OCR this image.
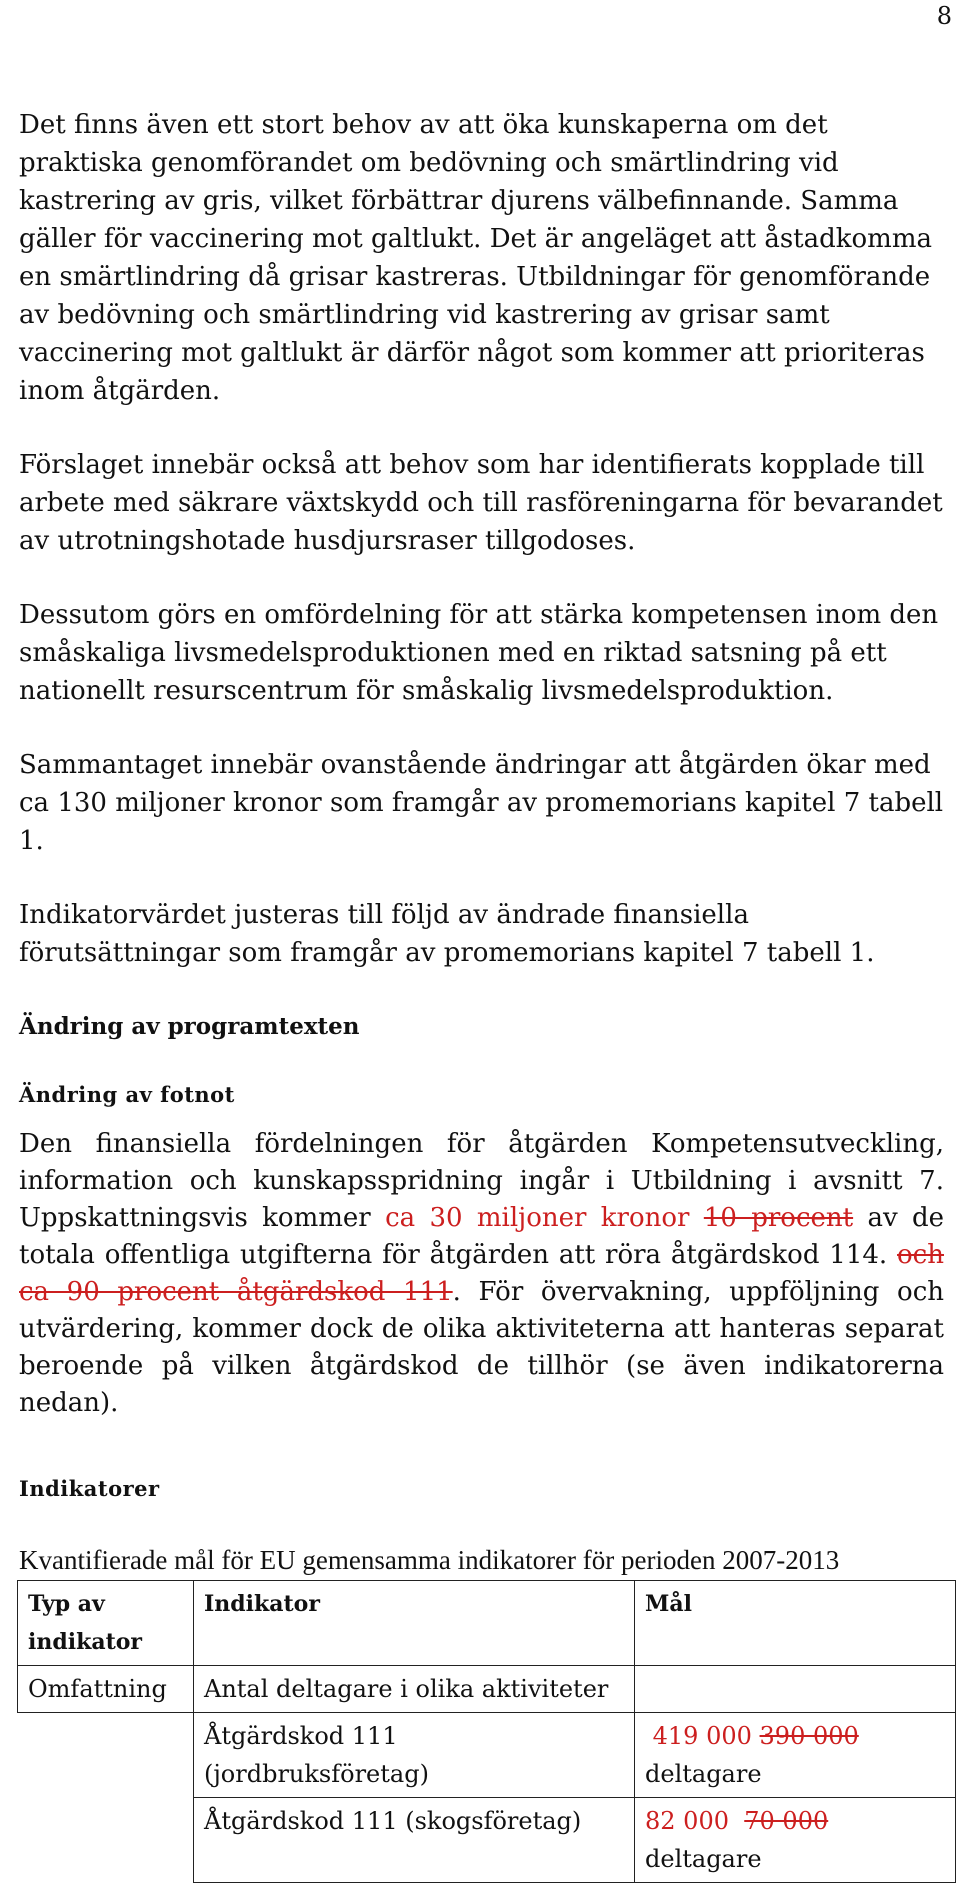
8

Det finns även ett stort behov av att öka kunskaperna om det praktiska genomförandet om bedövning och smärtlindring vid kastrering av gris, vilket förbättrar djurens välbefinnande. Samma gäller för vaccinering mot galtlukt. Det är angeläget att åstadkomma en smärtlindring då grisar kastreras. Utbildningar för genomförande av bedövning och smärtlindring vid kastrering av grisar samt vaccinering mot galtlukt är därför något som kommer att prioriteras inom åtgärden.

Förslaget innebär också att behov som har identifierats kopplade till arbete med säkrare växtskydd och till rasföreningarna för bevarandet av utrotningshotade husdjursraser tillgodoses.

Dessutom görs en omfördelning för att stärka kompetensen inom den småskaliga livsmedelsproduktionen med en riktad satsning på ett nationellt resurscentrum för småskalig livsmedelsproduktion.

Sammantaget innebär ovanstående ändringar att åtgärden ökar med ca 130 miljoner kronor som framgår av promemorians kapitel 7 tabell 1.

Indikatorvärdet justeras till följd av ändrade finansiella förutsättningar som framgår av promemorians kapitel 7 tabell 1.

Ändring av programtexten
Ändring av fotnot

Den finansiella fördelningen för åtgärden Kompetensutveckling, information och kunskapsspridning ingår i Utbildning i avsnitt 7. Uppskattningsvis kommer ca 30 miljoner kronor 10 procent av de totala offentliga utgifterna för åtgärden att röra åtgärdskod 114. och ca 90 procent åtgärdskod 111. För övervakning, uppföljning och utvärdering, kommer dock de olika aktiviteterna att hanteras separat beroende på vilken åtgärdskod de tillhör (se även indikatorerna nedan).

Indikatorer

Kvantifierade mål för EU gemensamma indikatorer för perioden 2007-2013

Typ av indikator	Indikator	Mål
Omfattning	Antal deltagare i olika aktiviteter	
	Åtgärdskod 111 (jordbruksföretag)	419 000 390 000
deltagare
	Åtgärdskod 111 (skogsföretag)	82 000 70 000
deltagare
